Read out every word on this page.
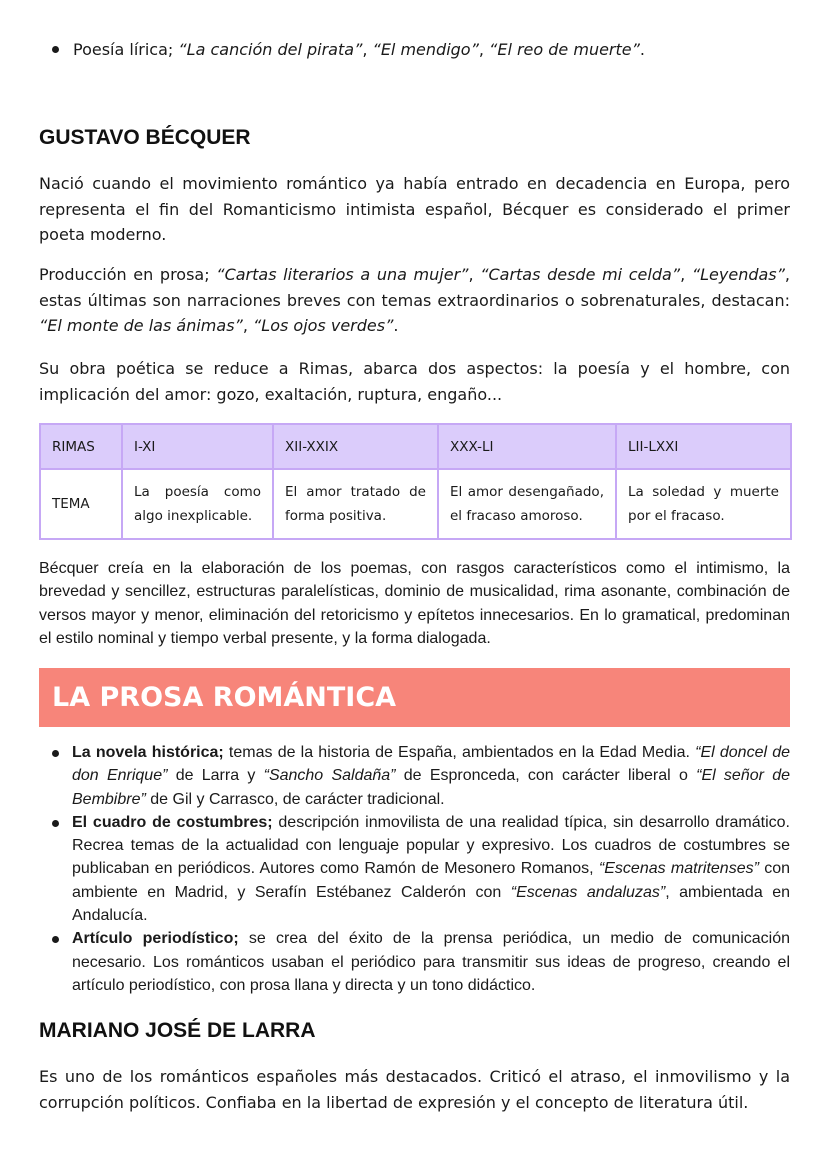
Poesía lírica; “La canción del pirata”, “El mendigo”, “El reo de muerte”.
GUSTAVO BÉCQUER

Nació cuando el movimiento romántico ya había entrado en decadencia en Europa, pero representa el fin del Romanticismo intimista español, Bécquer es considerado el primer poeta moderno.

Producción en prosa; “Cartas literarios a una mujer”, “Cartas desde mi celda”, “Leyendas”, estas últimas son narraciones breves con temas extraordinarios o sobrenaturales, destacan: “El monte de las ánimas”, “Los ojos verdes”.

Su obra poética se reduce a Rimas, abarca dos aspectos: la poesía y el hombre, con implicación del amor: gozo, exaltación, ruptura, engaño...

RIMAS	I-XI	XII-XXIX	XXX-LI	LII-LXXI
TEMA	La poesía como algo inexplicable.	El amor tratado de forma positiva.	El amor desengañado, el fracaso amoroso.	La soledad y muerte por el fracaso.

Bécquer creía en la elaboración de los poemas, con rasgos característicos como el intimismo, la brevedad y sencillez, estructuras paralelísticas, dominio de musicalidad, rima asonante, combinación de versos mayor y menor, eliminación del retoricismo y epítetos innecesarios. En lo gramatical, predominan el estilo nominal y tiempo verbal presente, y la forma dialogada.

LA PROSA ROMÁNTICA
La novela histórica; temas de la historia de España, ambientados en la Edad Media. “El doncel de don Enrique” de Larra y “Sancho Saldaña” de Espronceda, con carácter liberal o “El señor de Bembibre” de Gil y Carrasco, de carácter tradicional.
El cuadro de costumbres; descripción inmovilista de una realidad típica, sin desarrollo dramático. Recrea temas de la actualidad con lenguaje popular y expresivo. Los cuadros de costumbres se publicaban en periódicos. Autores como Ramón de Mesonero Romanos, “Escenas matritenses” con ambiente en Madrid, y Serafín Estébanez Calderón con “Escenas andaluzas”, ambientada en Andalucía.
Artículo periodístico; se crea del éxito de la prensa periódica, un medio de comunicación necesario. Los románticos usaban el periódico para transmitir sus ideas de progreso, creando el artículo periodístico, con prosa llana y directa y un tono didáctico.
MARIANO JOSÉ DE LARRA

Es uno de los románticos españoles más destacados. Criticó el atraso, el inmovilismo y la corrupción políticos. Confiaba en la libertad de expresión y el concepto de literatura útil.
